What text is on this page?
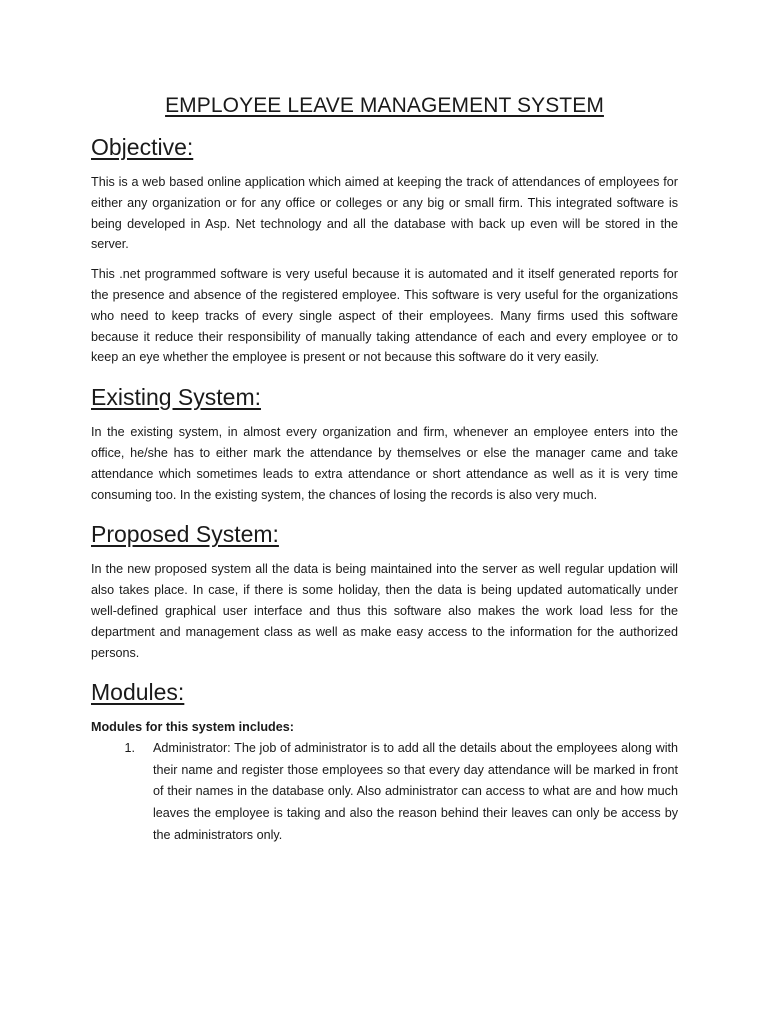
EMPLOYEE LEAVE MANAGEMENT SYSTEM
Objective:

This is a web based online application which aimed at keeping the track of attendances of employees for either any organization or for any office or colleges or any big or small firm. This integrated software is being developed in Asp. Net technology and all the database with back up even will be stored in the server.

This .net programmed software is very useful because it is automated and it itself generated reports for the presence and absence of the registered employee. This software is very useful for the organizations who need to keep tracks of every single aspect of their employees. Many firms used this software because it reduce their responsibility of manually taking attendance of each and every employee or to keep an eye whether the employee is present or not because this software do it very easily.

Existing System:

In the existing system, in almost every organization and firm, whenever an employee enters into the office, he/she has to either mark the attendance by themselves or else the manager came and take attendance which sometimes leads to extra attendance or short attendance as well as it is very time consuming too. In the existing system, the chances of losing the records is also very much.

Proposed System:

In the new proposed system all the data is being maintained into the server as well regular updation will also takes place. In case, if there is some holiday, then the data is being updated automatically under well-defined graphical user interface and thus this software also makes the work load less for the department and management class as well as make easy access to the information for the authorized persons.

Modules:

Modules for this system includes:

1. Administrator: The job of administrator is to add all the details about the employees along with their name and register those employees so that every day attendance will be marked in front of their names in the database only. Also administrator can access to what are and how much leaves the employee is taking and also the reason behind their leaves can only be access by the administrators only.
